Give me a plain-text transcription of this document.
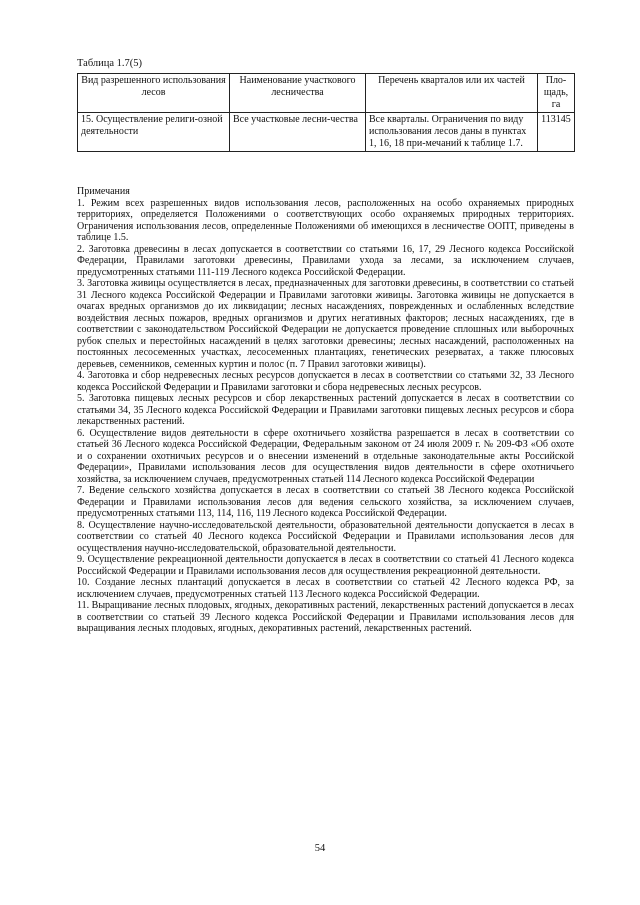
Таблица 1.7(5)
Вид разрешенного использования лесов	Наименование участкового лесничества	Перечень кварталов или их частей	Пло-щадь, га
15. Осуществление религи-озной деятельности	Все участковые лесни-чества	Все кварталы. Ограничения по виду использования лесов даны в пунктах 1, 16, 18 при-мечаний к таблице 1.7.	113145

Примечания

1. Режим всех разрешенных видов использования лесов, расположенных на особо охраняемых природных территориях, определяется Положениями о соответствующих особо охраняемых природных территориях. Ограничения использования лесов, определенные Положениями об имеющихся в лесничестве ООПТ, приведены в таблице 1.5.

2. Заготовка древесины в лесах допускается в соответствии со статьями 16, 17, 29 Лесного кодекса Российской Федерации, Правилами заготовки древесины, Правилами ухода за лесами, за исключением случаев, предусмотренных статьями 111-119 Лесного кодекса Российской Федерации.

3. Заготовка живицы осуществляется в лесах, предназначенных для заготовки древесины, в соответствии со статьей 31 Лесного кодекса Российской Федерации и Правилами заготовки живицы. Заготовка живицы не допускается в очагах вредных организмов до их ликвидации; лесных насаждениях, поврежденных и ослабленных вследствие воздействия лесных пожаров, вредных организмов и других негативных факторов; лесных насаждениях, где в соответствии с законодательством Российской Федерации не допускается проведение сплошных или выборочных рубок спелых и перестойных насаждений в целях заготовки древесины; лесных насаждений, расположенных на постоянных лесосеменных участках, лесосеменных плантациях, генетических резерватах, а также плюсовых деревьев, семенников, семенных куртин и полос (п. 7 Правил заготовки живицы).

4. Заготовка и сбор недревесных лесных ресурсов допускается в лесах в соответствии со статьями 32, 33 Лесного кодекса Российской Федерации и Правилами заготовки и сбора недревесных лесных ресурсов.

5. Заготовка пищевых лесных ресурсов и сбор лекарственных растений допускается в лесах в соответствии со статьями 34, 35 Лесного кодекса Российской Федерации и Правилами заготовки пищевых лесных ресурсов и сбора лекарственных растений.

6. Осуществление видов деятельности в сфере охотничьего хозяйства разрешается в лесах в соответствии со статьей 36 Лесного кодекса Российской Федерации, Федеральным законом от 24 июля 2009 г. № 209-ФЗ «Об охоте и о сохранении охотничьих ресурсов и о внесении изменений в отдельные законодательные акты Российской Федерации», Правилами использования лесов для осуществления видов деятельности в сфере охотничьего хозяйства, за исключением случаев, предусмотренных статьей 114 Лесного кодекса Российской Федерации

7. Ведение сельского хозяйства допускается в лесах в соответствии со статьей 38 Лесного кодекса Российской Федерации и Правилами использования лесов для ведения сельского хозяйства, за исключением случаев, предусмотренных статьями 113, 114, 116, 119 Лесного кодекса Российской Федерации.

8. Осуществление научно-исследовательской деятельности, образовательной деятельности допускается в лесах в соответствии со статьей 40 Лесного кодекса Российской Федерации и Правилами использования лесов для осуществления научно-исследовательской, образовательной деятельности.

9. Осуществление рекреационной деятельности допускается в лесах в соответствии со статьей 41 Лесного кодекса Российской Федерации и Правилами использования лесов для осуществления рекреационной деятельности.

10. Создание лесных плантаций допускается в лесах в соответствии со статьей 42 Лесного кодекса РФ, за исключением случаев, предусмотренных статьей 113 Лесного кодекса Российской Федерации.

11. Выращивание лесных плодовых, ягодных, декоративных растений, лекарственных растений допускается в лесах в соответствии со статьей 39 Лесного кодекса Российской Федерации и Правилами использования лесов для выращивания лесных плодовых, ягодных, декоративных растений, лекарственных растений.

54
